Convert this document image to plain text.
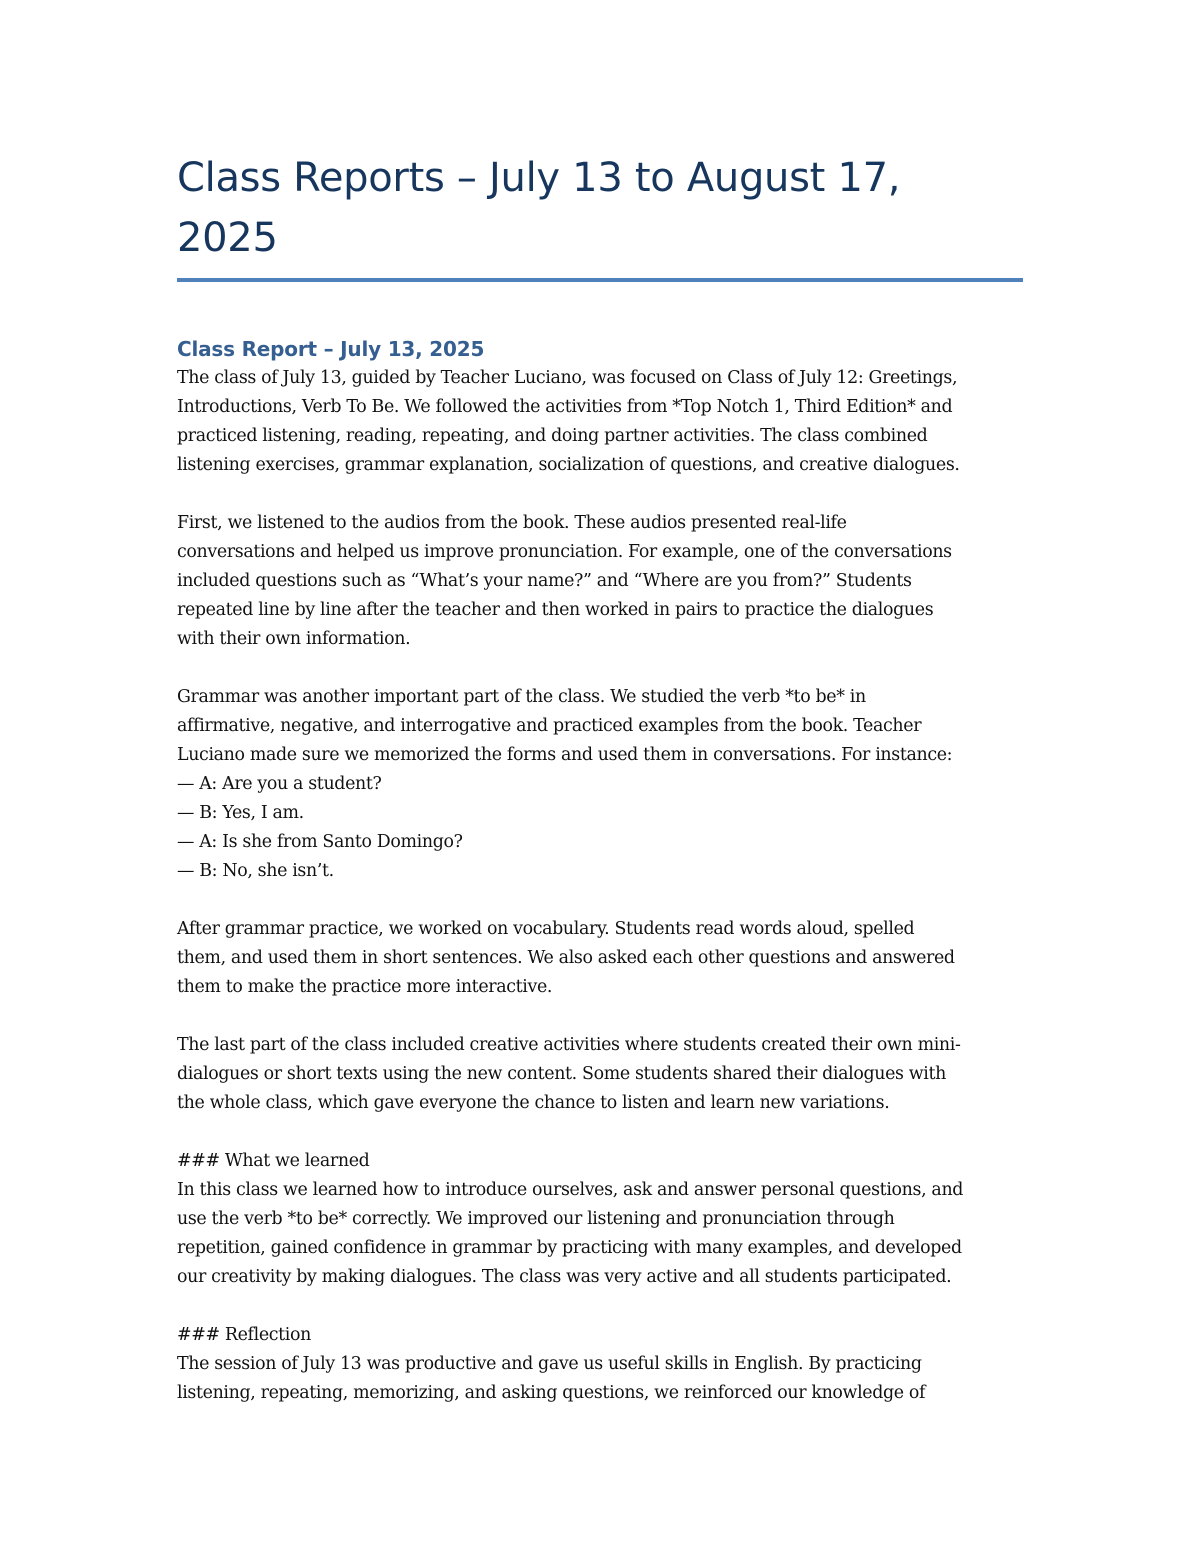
Class Reports – July 13 to August 17,
2025
Class Report – July 13, 2025

The class of July 13, guided by Teacher Luciano, was focused on Class of July 12: Greetings,
Introductions, Verb To Be. We followed the activities from *Top Notch 1, Third Edition* and
practiced listening, reading, repeating, and doing partner activities. The class combined
listening exercises, grammar explanation, socialization of questions, and creative dialogues.

First, we listened to the audios from the book. These audios presented real-life
conversations and helped us improve pronunciation. For example, one of the conversations
included questions such as “What’s your name?” and “Where are you from?” Students
repeated line by line after the teacher and then worked in pairs to practice the dialogues
with their own information.

Grammar was another important part of the class. We studied the verb *to be* in
affirmative, negative, and interrogative and practiced examples from the book. Teacher
Luciano made sure we memorized the forms and used them in conversations. For instance:
— A: Are you a student?
— B: Yes, I am.
— A: Is she from Santo Domingo?
— B: No, she isn’t.

After grammar practice, we worked on vocabulary. Students read words aloud, spelled
them, and used them in short sentences. We also asked each other questions and answered
them to make the practice more interactive.

The last part of the class included creative activities where students created their own mini-
dialogues or short texts using the new content. Some students shared their dialogues with
the whole class, which gave everyone the chance to listen and learn new variations.

### What we learned
In this class we learned how to introduce ourselves, ask and answer personal questions, and
use the verb *to be* correctly. We improved our listening and pronunciation through
repetition, gained confidence in grammar by practicing with many examples, and developed
our creativity by making dialogues. The class was very active and all students participated.

### Reflection
The session of July 13 was productive and gave us useful skills in English. By practicing
listening, repeating, memorizing, and asking questions, we reinforced our knowledge of
